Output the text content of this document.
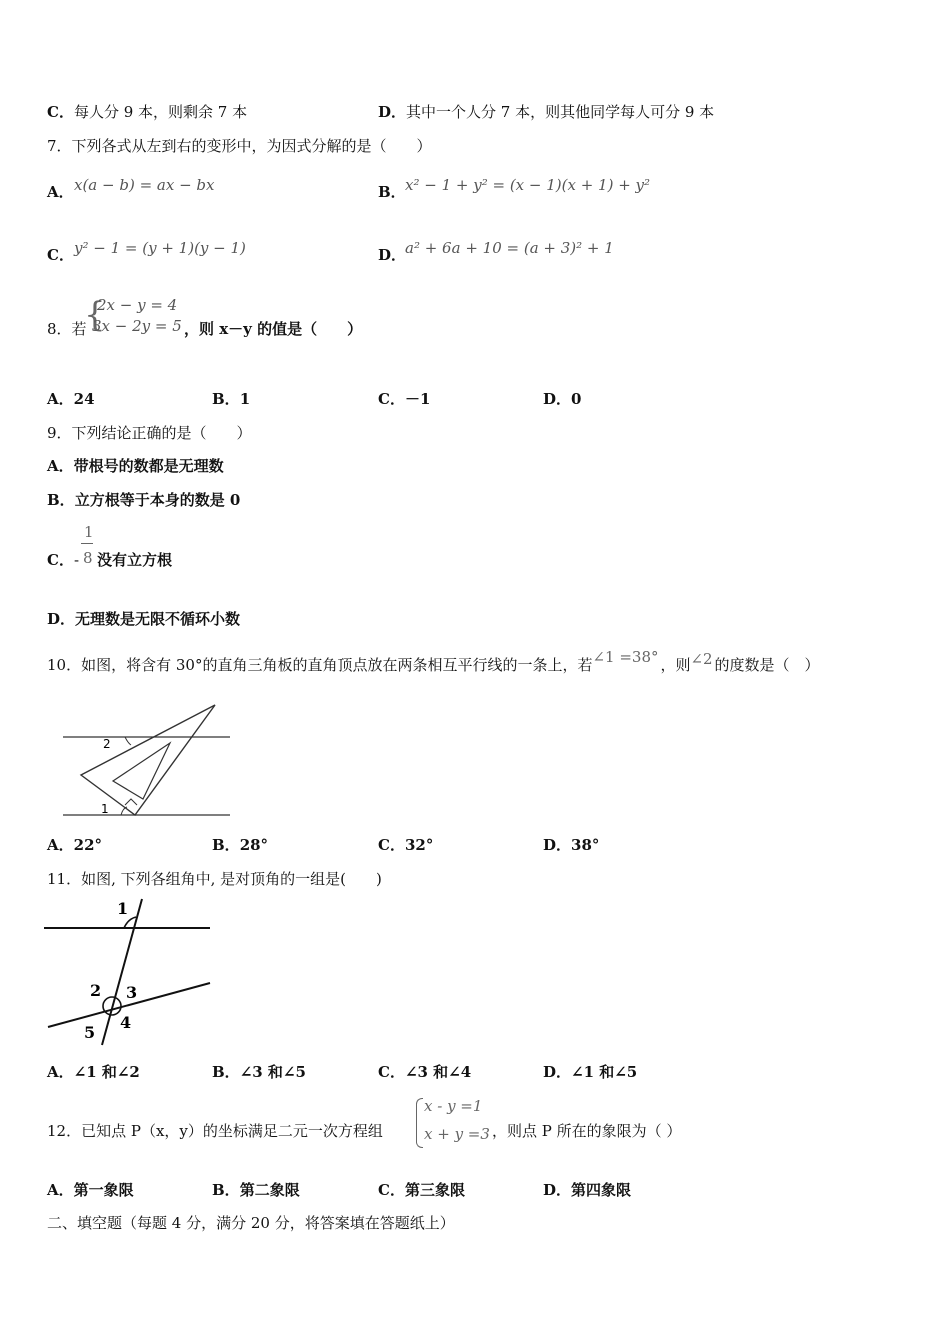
C．每人分 9 本，则剩余 7 本	D．其中一个人分 7 本，则其他同学每人可分 9 本
7．下列各式从左到右的变形中，为因式分解的是（　　）
A． x(a − b) = ax − bx	B． x² − 1 + y² = (x − 1)(x + 1) + y²
C． y² − 1 = (y + 1)(y − 1)	D．
a² + 6a + 10 = (a + 3)² + 1
8．若
{
2x − y = 4
3x − 2y = 5 ，则 x－y 的值是（　　）
A．24	B．1	C．－1	D．0
9．下列结论正确的是（　　）
A．带根号的数都是无理数
B．立方根等于本身的数是 0
C． -
1
8 没有立方根
D．无理数是无限不循环小数
10．如图，将含有 30°的直角三角板的直角顶点放在两条相互平行线的一条上，若∠1 =38° ，则∠2 的度数是（　）
2
1
A．22°	B．28°	C．32°	D．38°
11．如图, 下列各组角中, 是对顶角的一组是(　　)
1
2 3
4
5
A．∠1 和∠2	B．∠3 和∠5	C．∠3 和∠4	D．∠1 和∠5
12．已知点 P（x，y）的坐标满足二元一次方程组
x - y =1
x + y =3 ，则点 P 所在的象限为（ ）
A．第一象限	B．第二象限	C．第三象限	D．第四象限
二、填空题（每题 4 分，满分 20 分，将答案填在答题纸上）
